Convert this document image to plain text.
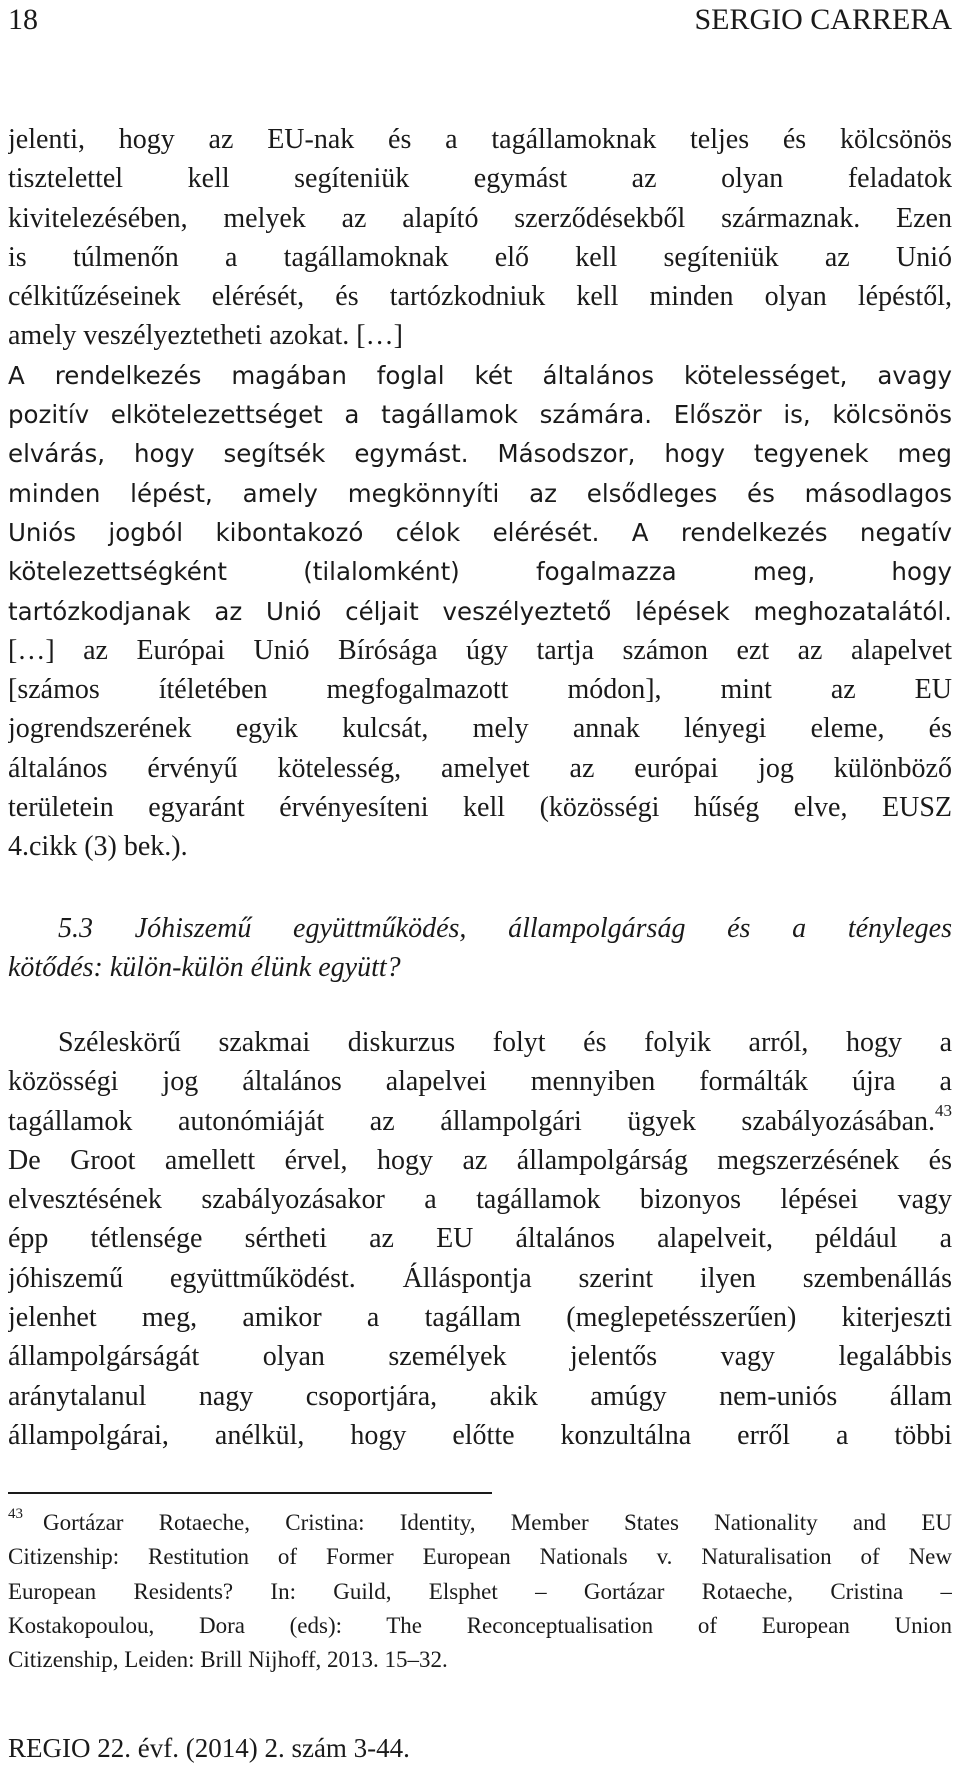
18	SERGIO CARRERA

jelenti, hogy az EU-nak és a tagállamoknak teljes és kölcsönös

tisztelettel kell segíteniük egymást az olyan feladatok

kivitelezésében, melyek az alapító szerződésekből származnak. Ezen

is túlmenőn a tagállamoknak elő kell segíteniük az Unió

célkitűzéseinek elérését, és tartózkodniuk kell minden olyan lépéstől,

amely veszélyeztetheti azokat. […]

A rendelkezés magában foglal két általános kötelességet, avagy

pozitív elkötelezettséget a tagállamok számára. Először is, kölcsönös

elvárás, hogy segítsék egymást. Másodszor, hogy tegyenek meg

minden lépést, amely megkönnyíti az elsődleges és másodlagos

Uniós jogból kibontakozó célok elérését. A rendelkezés negatív

kötelezettségként (tilalomként) fogalmazza meg, hogy

tartózkodjanak az Unió céljait veszélyeztető lépések meghozatalától.

[…] az Európai Unió Bírósága úgy tartja számon ezt az alapelvet

[számos ítéletében megfogalmazott módon], mint az EU

jogrendszerének egyik kulcsát, mely annak lényegi eleme, és

általános érvényű kötelesség, amelyet az európai jog különböző

területein egyaránt érvényesíteni kell (közösségi hűség elve, EUSZ

4.cikk (3) bek.).

5.3 Jóhiszemű együttműködés, állampolgárság és a tényleges

kötődés: külön-külön élünk együtt?

Széleskörű szakmai diskurzus folyt és folyik arról, hogy a

közösségi jog általános alapelvei mennyiben formálták újra a

tagállamok autonómiáját az állampolgári ügyek szabályozásában.$^{43}$

De Groot amellett érvel, hogy az állampolgárság megszerzésének és

elvesztésének szabályozásakor a tagállamok bizonyos lépései vagy

épp tétlensége sértheti az EU általános alapelveit, például a

jóhiszemű együttműködést. Álláspontja szerint ilyen szembenállás

jelenhet meg, amikor a tagállam (meglepetésszerűen) kiterjeszti

állampolgárságát olyan személyek jelentős vagy legalábbis

aránytalanul nagy csoportjára, akik amúgy nem-uniós állam

állampolgárai, anélkül, hogy előtte konzultálna erről a többi

$^{43}$ Gortázar Rotaeche, Cristina: Identity, Member States Nationality and EU

Citizenship: Restitution of Former European Nationals v. Naturalisation of New

European Residents? In: Guild, Elsphet – Gortázar Rotaeche, Cristina –

Kostakopoulou, Dora (eds): The Reconceptualisation of European Union

Citizenship, Leiden: Brill Nijhoff, 2013. 15–32.

REGIO 22. évf. (2014) 2. szám 3-44.
